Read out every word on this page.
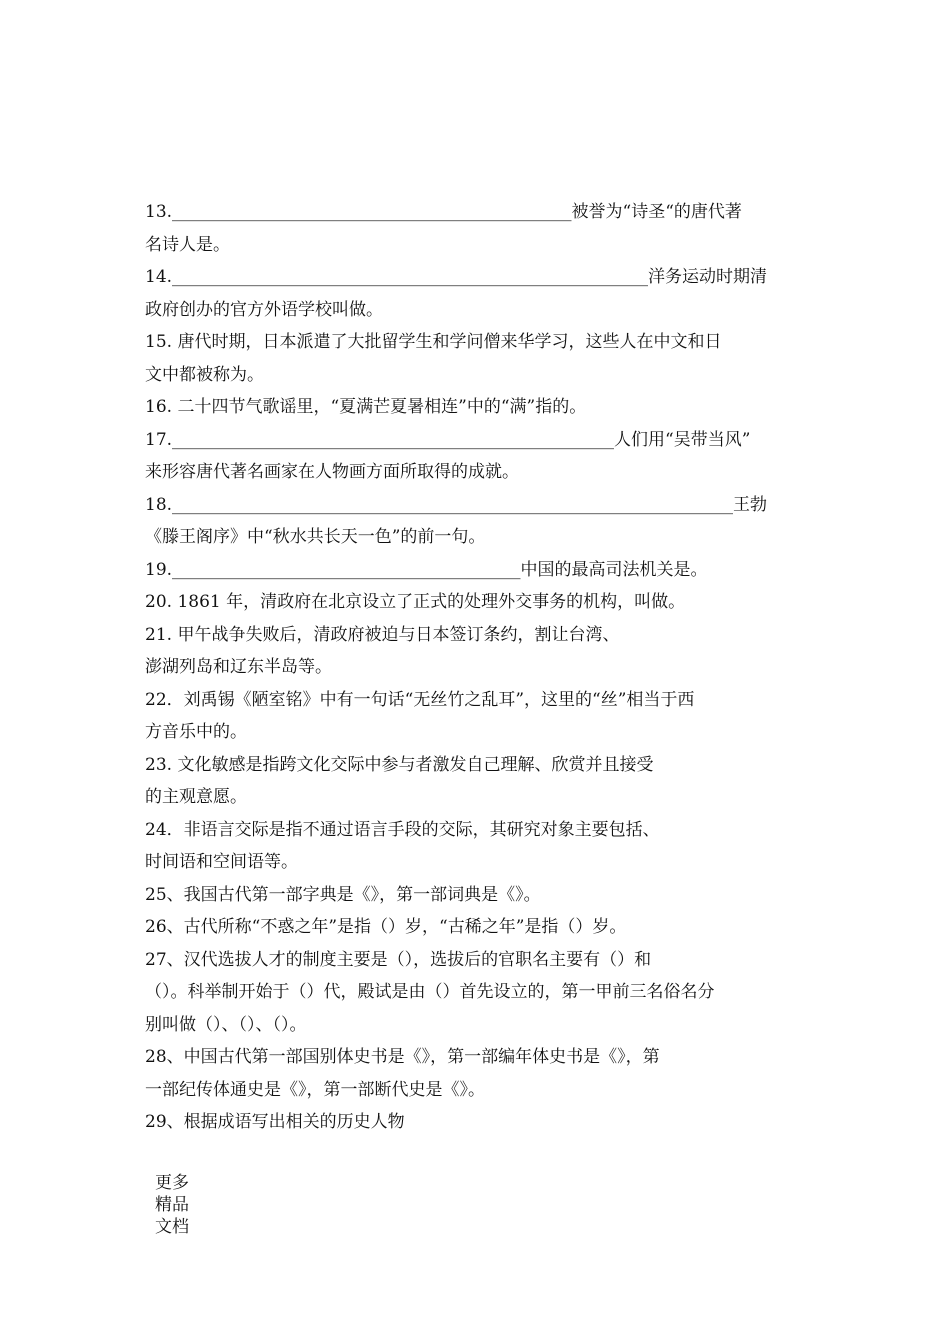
13._______________________________________________被誉为“诗圣“的唐代著
名诗人是。
14.________________________________________________________洋务运动时期清
政府创办的官方外语学校叫做。
15. 唐代时期，日本派遣了大批留学生和学问僧来华学习，这些人在中文和日
文中都被称为。
16. 二十四节气歌谣里，“夏满芒夏暑相连”中的“满”指的。
17.____________________________________________________人们用“吴带当风”
来形容唐代著名画家在人物画方面所取得的成就。
18.__________________________________________________________________王勃
《滕王阁序》中“秋水共长天一色”的前一句。
19._________________________________________中国的最高司法机关是。
20. 1861 年，清政府在北京设立了正式的处理外交事务的机构，叫做。
21. 甲午战争失败后，清政府被迫与日本签订条约，割让台湾、
澎湖列岛和辽东半岛等。
22．刘禹锡《陋室铭》中有一句话“无丝竹之乱耳”，这里的“丝”相当于西
方音乐中的。
23. 文化敏感是指跨文化交际中参与者激发自己理解、欣赏并且接受
的主观意愿。
24．非语言交际是指不通过语言手段的交际，其研究对象主要包括、
时间语和空间语等。
25、我国古代第一部字典是《》，第一部词典是《》。
26、古代所称“不惑之年”是指（）岁，“古稀之年”是指（）岁。
27、汉代选拔人才的制度主要是（），选拔后的官职名主要有（）和
（）。科举制开始于（）代，殿试是由（）首先设立的，第一甲前三名俗名分
别叫做（）、（）、（）。
28、中国古代第一部国别体史书是《》，第一部编年体史书是《》，第
一部纪传体通史是《》，第一部断代史是《》。
29、根据成语写出相关的历史人物
更多
精品
文档
